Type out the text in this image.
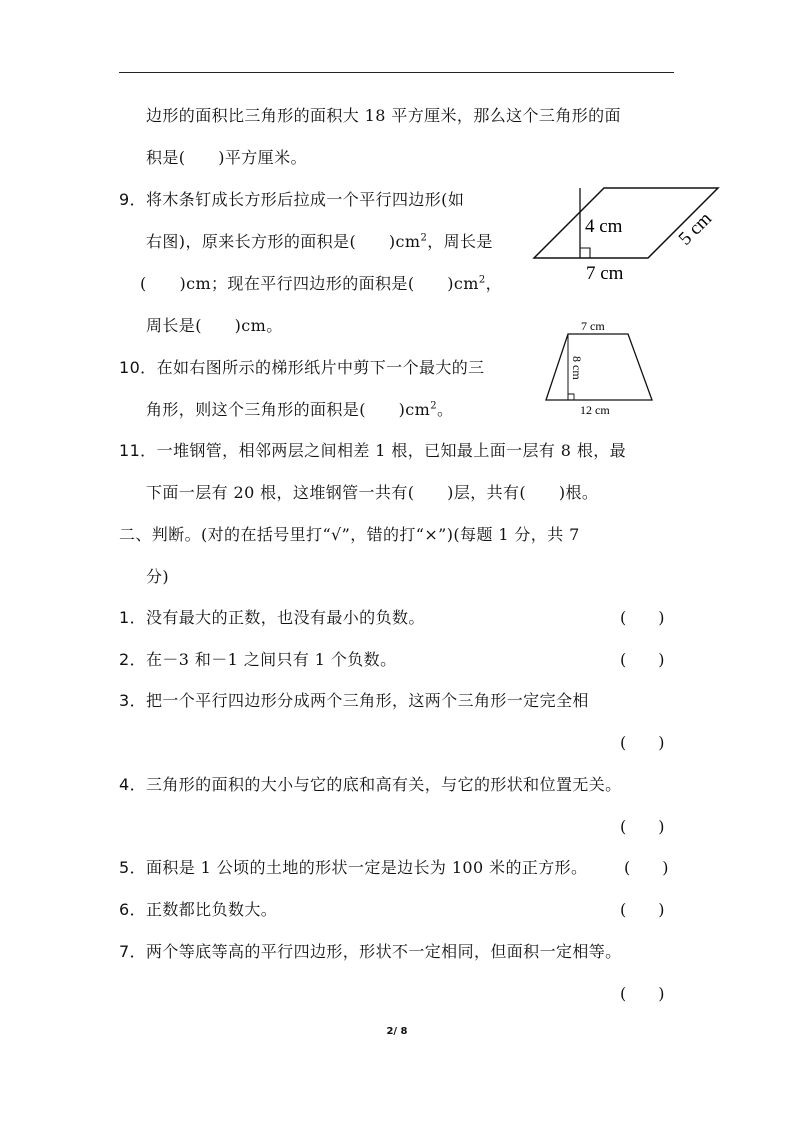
边形的面积比三角形的面积大 18 平方厘米，那么这个三角形的面
积是(　　)平方厘米。
9．将木条钉成长方形后拉成一个平行四边形(如
右图)，原来长方形的面积是(　　)$cm^2$，周长是
(　　)cm；现在平行四边形的面积是(　　)$cm^2$，
周长是(　　)cm。
4 cm	5 cm
7 cm
10．在如右图所示的梯形纸片中剪下一个最大的三
角形，则这个三角形的面积是(　　)$cm^2$。
7 cm
8 cm
12 cm
11．一堆钢管，相邻两层之间相差 1 根，已知最上面一层有 8 根，最
下面一层有 20 根，这堆钢管一共有(　　)层，共有(　　)根。
二、判断。(对的在括号里打“√”，错的打“×”)(每题 1 分，共 7
分)
1．没有最大的正数，也没有最小的负数。	(　　)
2．在－3 和－1 之间只有 1 个负数。	(　　)
3．把一个平行四边形分成两个三角形，这两个三角形一定完全相
(　　)
4．三角形的面积的大小与它的底和高有关，与它的形状和位置无关。
(　　)
5．面积是 1 公顷的土地的形状一定是边长为 100 米的正方形。 (　　)
6．正数都比负数大。	(　　)
7．两个等底等高的平行四边形，形状不一定相同，但面积一定相等。
(　　)
2/ 8
